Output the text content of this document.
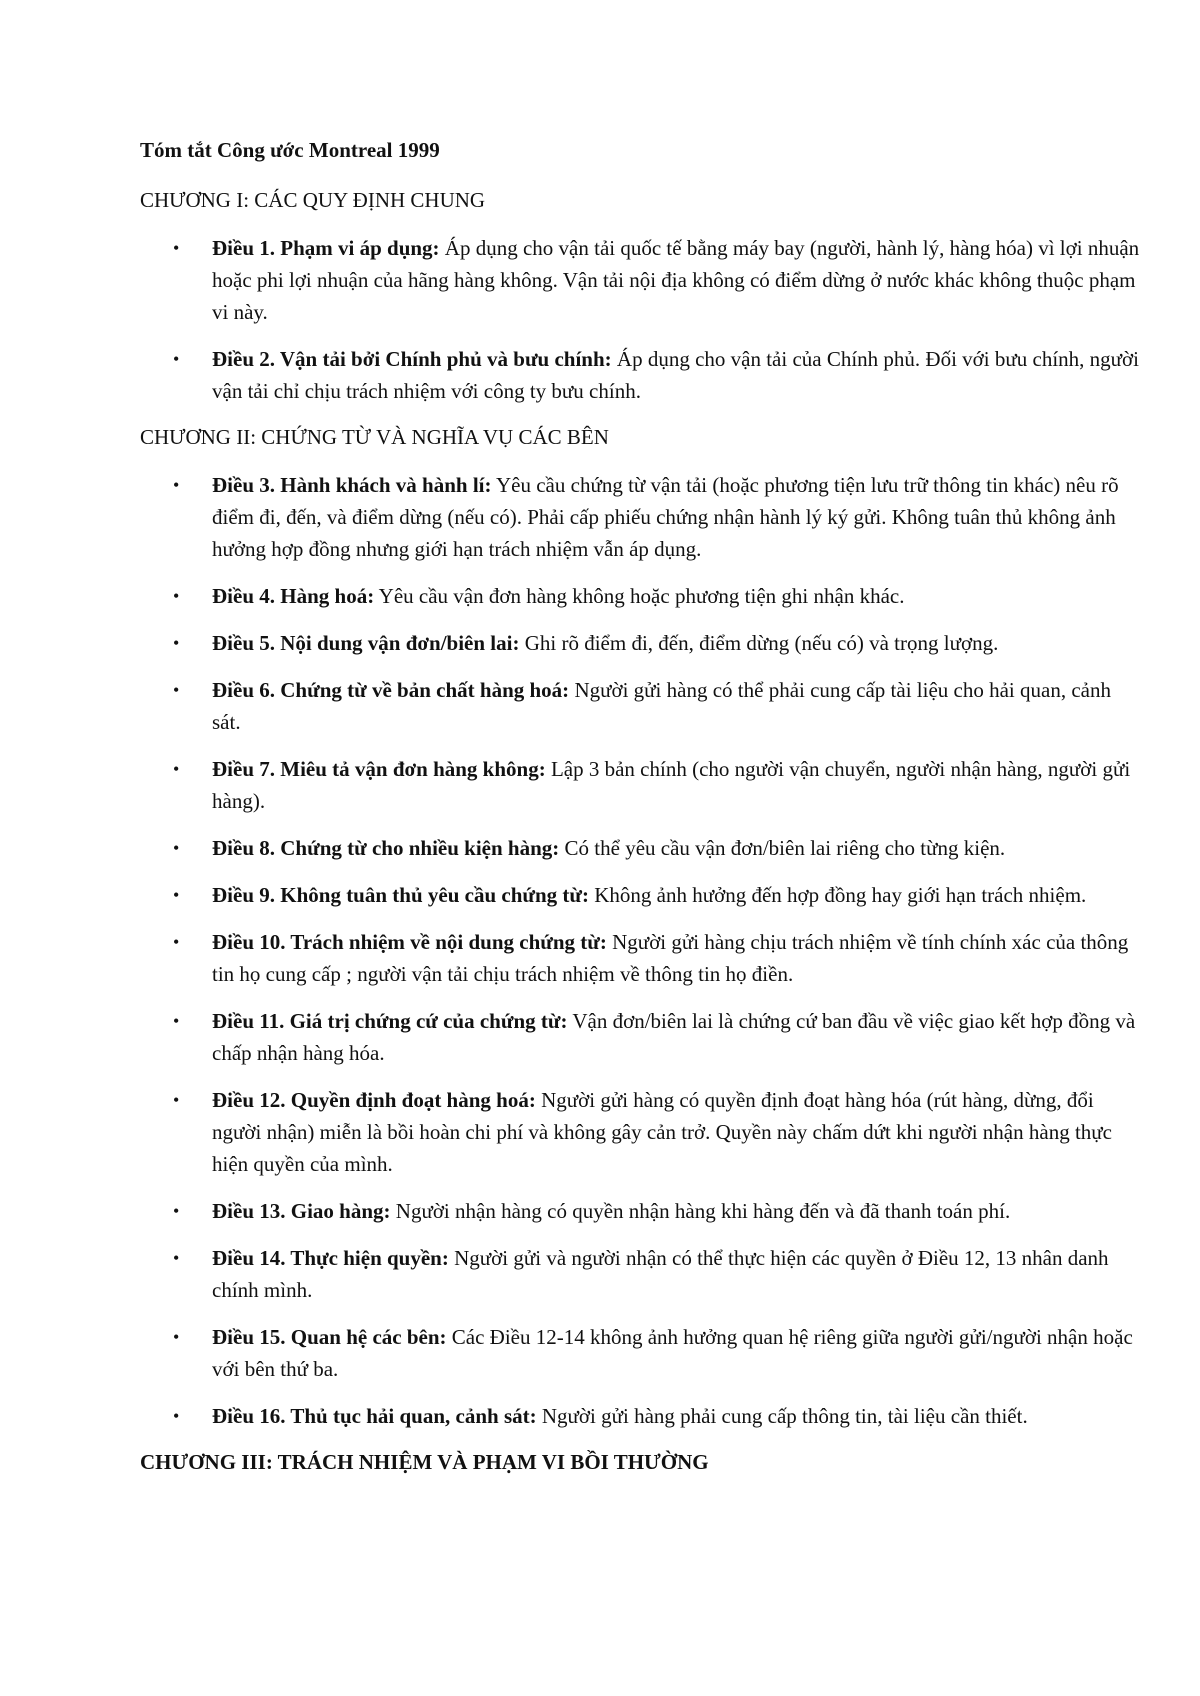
Tóm tắt Công ước Montreal 1999
CHƯƠNG I: CÁC QUY ĐỊNH CHUNG
• Điều 1. Phạm vi áp dụng: Áp dụng cho vận tải quốc tế bằng máy bay (người, hành lý, hàng hóa) vì lợi nhuận hoặc phi lợi nhuận của hãng hàng không. Vận tải nội địa không có điểm dừng ở nước khác không thuộc phạm vi này.
• Điều 2. Vận tải bởi Chính phủ và bưu chính: Áp dụng cho vận tải của Chính phủ. Đối với bưu chính, người vận tải chỉ chịu trách nhiệm với công ty bưu chính.
CHƯƠNG II: CHỨNG TỪ VÀ NGHĨA VỤ CÁC BÊN
• Điều 3. Hành khách và hành lí: Yêu cầu chứng từ vận tải (hoặc phương tiện lưu trữ thông tin khác) nêu rõ điểm đi, đến, và điểm dừng (nếu có). Phải cấp phiếu chứng nhận hành lý ký gửi. Không tuân thủ không ảnh hưởng hợp đồng nhưng giới hạn trách nhiệm vẫn áp dụng.
• Điều 4. Hàng hoá: Yêu cầu vận đơn hàng không hoặc phương tiện ghi nhận khác.
• Điều 5. Nội dung vận đơn/biên lai: Ghi rõ điểm đi, đến, điểm dừng (nếu có) và trọng lượng.
• Điều 6. Chứng từ về bản chất hàng hoá: Người gửi hàng có thể phải cung cấp tài liệu cho hải quan, cảnh sát.
• Điều 7. Miêu tả vận đơn hàng không: Lập 3 bản chính (cho người vận chuyển, người nhận hàng, người gửi hàng).
• Điều 8. Chứng từ cho nhiều kiện hàng: Có thể yêu cầu vận đơn/biên lai riêng cho từng kiện.
• Điều 9. Không tuân thủ yêu cầu chứng từ: Không ảnh hưởng đến hợp đồng hay giới hạn trách nhiệm.
• Điều 10. Trách nhiệm về nội dung chứng từ: Người gửi hàng chịu trách nhiệm về tính chính xác của thông tin họ cung cấp ; người vận tải chịu trách nhiệm về thông tin họ điền.
• Điều 11. Giá trị chứng cứ của chứng từ: Vận đơn/biên lai là chứng cứ ban đầu về việc giao kết hợp đồng và chấp nhận hàng hóa.
• Điều 12. Quyền định đoạt hàng hoá: Người gửi hàng có quyền định đoạt hàng hóa (rút hàng, dừng, đổi người nhận) miễn là bồi hoàn chi phí và không gây cản trở. Quyền này chấm dứt khi người nhận hàng thực hiện quyền của mình.
• Điều 13. Giao hàng: Người nhận hàng có quyền nhận hàng khi hàng đến và đã thanh toán phí.
• Điều 14. Thực hiện quyền: Người gửi và người nhận có thể thực hiện các quyền ở Điều 12, 13 nhân danh chính mình.
• Điều 15. Quan hệ các bên: Các Điều 12-14 không ảnh hưởng quan hệ riêng giữa người gửi/người nhận hoặc với bên thứ ba.
• Điều 16. Thủ tục hải quan, cảnh sát: Người gửi hàng phải cung cấp thông tin, tài liệu cần thiết.
CHƯƠNG III: TRÁCH NHIỆM VÀ PHẠM VI BỒI THƯỜNG
